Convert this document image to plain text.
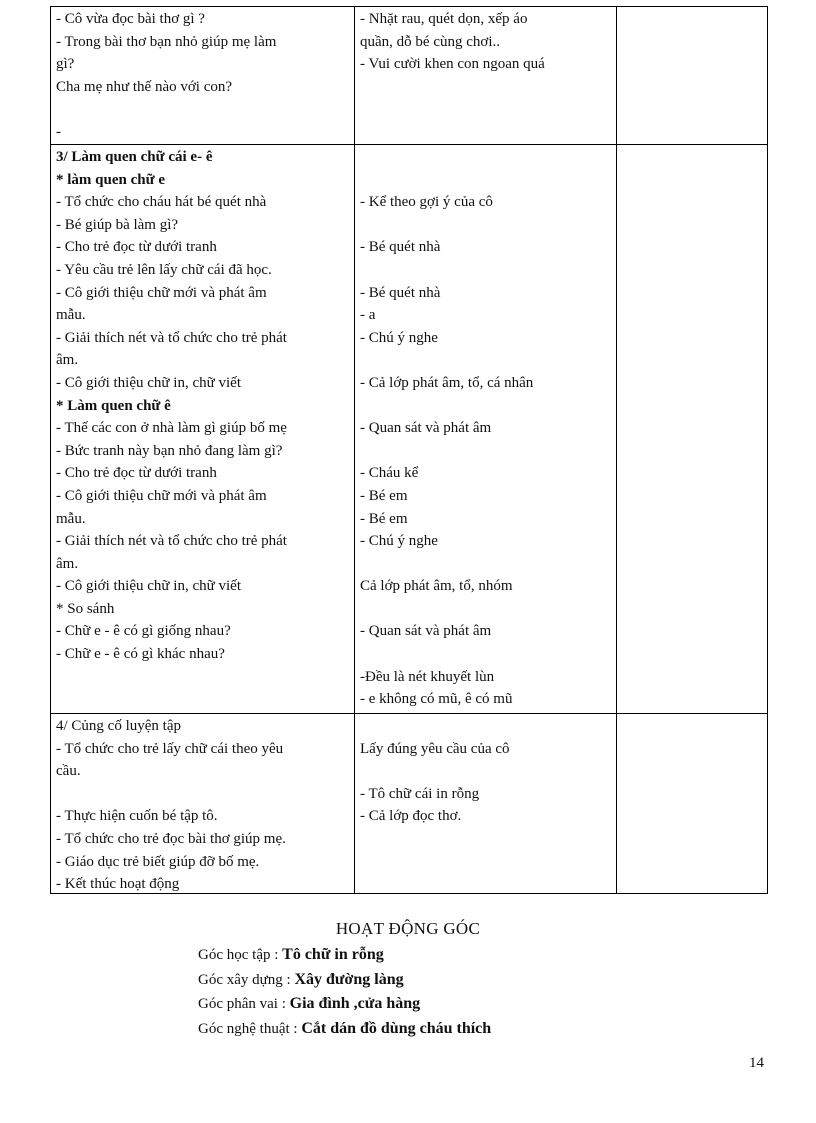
- Cô vừa đọc bài thơ gì ?
- Trong bài thơ bạn nhỏ giúp mẹ làm
gì?
Cha mẹ như thế nào với con?
-
- Nhặt rau, quét dọn, xếp áo
quần, dỗ bé cùng chơi..
- Vui cười khen con ngoan quá
3/ Làm quen chữ cái e- ê
* làm quen chữ e
- Tổ chức cho cháu hát bé quét nhà
- Bé giúp bà làm gì?
- Cho trẻ đọc từ dưới tranh
- Yêu cầu trẻ lên lấy chữ cái đã học.
- Cô giới thiệu chữ mới và phát âm
mẫu.
- Giải thích nét và tổ chức cho trẻ phát
âm.
- Cô giới thiệu chữ in, chữ viết
* Làm quen chữ ê
- Thế các con ở nhà làm gì giúp bố mẹ
- Bức tranh này bạn nhỏ đang làm gì?
- Cho trẻ đọc từ dưới tranh
- Cô giới thiệu chữ mới và phát âm
mẫu.
- Giải thích nét và tổ chức cho trẻ phát
âm.
- Cô giới thiệu chữ in, chữ viết
* So sánh
- Chữ e - ê có gì giống nhau?
- Chữ e - ê có gì khác nhau?
- Kể theo gợi ý của cô
- Bé quét nhà
- Bé quét nhà
- a
- Chú ý nghe
- Cả lớp phát âm, tổ, cá nhân
- Quan sát và phát âm
- Cháu kể
- Bé em
- Bé em
- Chú ý nghe
Cả lớp phát âm, tổ, nhóm
- Quan sát và phát âm
-Đều là nét khuyết lùn
- e không có mũ, ê có mũ
4/ Củng cố luyện tập
- Tổ chức cho trẻ lấy chữ cái theo yêu
cầu.
- Thực hiện cuốn bé tập tô.
- Tổ chức cho trẻ đọc bài thơ giúp mẹ.
- Giáo dục trẻ biết giúp đỡ bố mẹ.
- Kết thúc hoạt động
Lấy đúng yêu cầu của cô
- Tô chữ cái in rỗng
- Cả lớp đọc thơ.
HOẠT ĐỘNG GÓC
Góc học tập : Tô chữ in rỗng
Góc xây dựng : Xây đường làng
Góc phân vai : Gia đình ,cửa hàng
Góc nghệ thuật : Cắt dán đồ dùng cháu thích
14
